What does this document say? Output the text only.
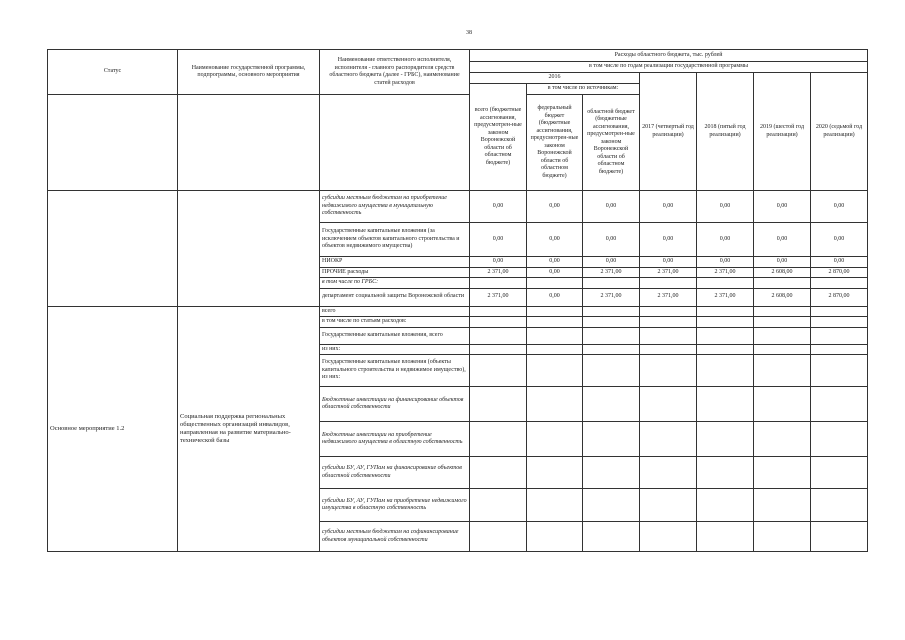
38
Статус	Наименование государственной программы, подпрограммы, основного мероприятия	Наименование ответственного исполнителя, исполнителя - главного распорядителя средств областного бюджета (далее - ГРБС), наименование статей расходов	Расходы областного бюджета, тыс. рублей						
			в том числе по годам реализации государственной программы						
			2016			2017 (четвертый год реализации)	2018 (пятый год реализации)	2019 (шестой год реализации)	2020 (седьмой год реализации)
			всего (бюджетные ассигнования, предусмотрен-ные законом Воронежской области об областном бюджете)	в том числе по источникам:					
				федеральный бюджет (бюджетные ассигнования, предусмотрен-ные законом Воронежской области об областном бюджете)	областной бюджет (бюджетные ассигнования, предусмотрен-ные законом Воронежской области об областном бюджете)				
		субсидии местным бюджетам на приобретение недвижимого имущества в муниципальную собственность	0,00	0,00	0,00	0,00	0,00	0,00	0,00
		Государственные капитальные вложения (за исключением объектов капитального строительства и объектов недвижимого имущества)	0,00	0,00	0,00	0,00	0,00	0,00	0,00
		НИОКР	0,00	0,00	0,00	0,00	0,00	0,00	0,00
		ПРОЧИЕ расходы	2 371,00	0,00	2 371,00	2 371,00	2 371,00	2 608,00	2 870,00
		в том числе по ГРБС:							
		департамент социальной защиты Воронежской области	2 371,00	0,00	2 371,00	2 371,00	2 371,00	2 608,00	2 870,00
Основное мероприятие 1.2	Социальная поддержка региональных общественных организаций инвалидов, направленная на развитие материально-технической базы	всего							
		в том числе по статьям расходов:							
		Государственные капитальные вложения, всего							
		из них:							
		Государственные капитальные вложения (объекты капитального строительства и недвижимое имущество), из них:							
		Бюджетные инвестиции на финансирование объектов областной собственности							
		Бюджетные инвестиции на приобретение недвижимого имущества в областную собственность							
		субсидии БУ, АУ, ГУПам на финансирование объектов областной собственности							
		субсидии БУ, АУ, ГУПам на приобретение недвижимого имущества в областную собственность							
		субсидии местным бюджетам на софинансирование объектов муниципальной собственности							
